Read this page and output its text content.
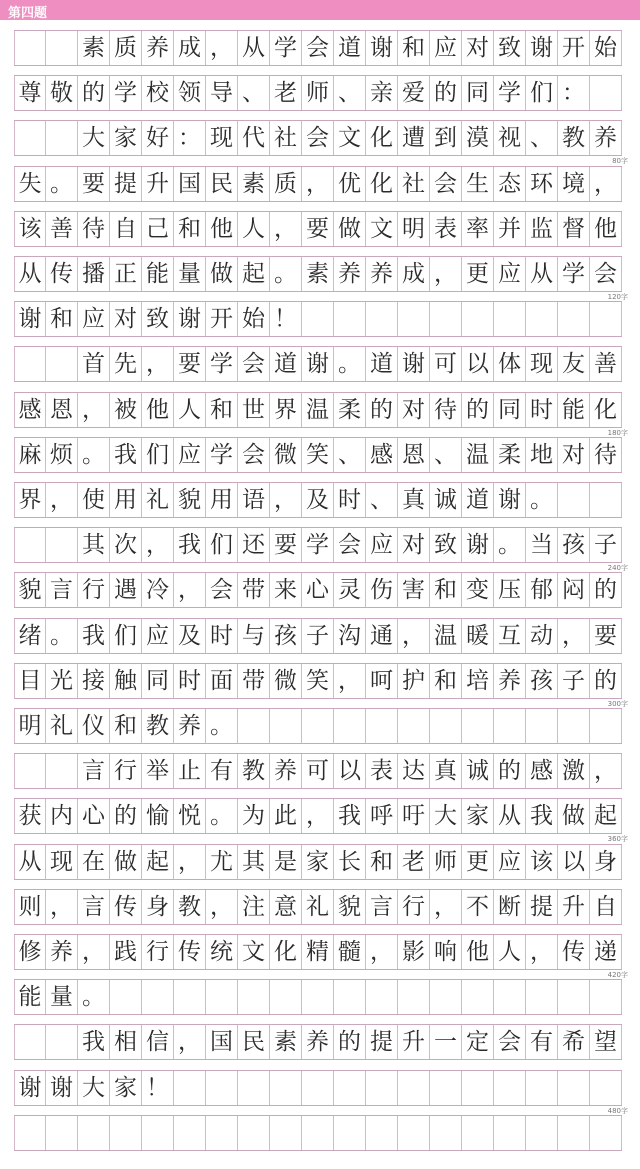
第四题
素 质 养 成 ， 从 学 会 道 谢 和 应 对 致 谢 开 始
尊 敬 的 学 校 领 导 、 老 师 、 亲 爱 的 同 学 们 ：
大 家 好 ： 现 代 社 会 文 化 遭 到 漠 视 、 教 养
80字
失 。 要 提 升 国 民 素 质 ， 优 化 社 会 生 态 环 境 ，
该 善 待 自 己 和 他 人 ， 要 做 文 明 表 率 并 监 督 他
从 传 播 正 能 量 做 起 。 素 养 养 成 ， 更 应 从 学 会
120字
谢 和 应 对 致 谢 开 始 ！
首 先 ， 要 学 会 道 谢 。 道 谢 可 以 体 现 友 善
感 恩 ， 被 他 人 和 世 界 温 柔 的 对 待 的 同 时 能 化
180字
麻 烦 。 我 们 应 学 会 微 笑 、 感 恩 、 温 柔 地 对 待
界 ， 使 用 礼 貌 用 语 ， 及 时 、 真 诚 道 谢 。
其 次 ， 我 们 还 要 学 会 应 对 致 谢 。 当 孩 子
240字
貌 言 行 遇 冷 ， 会 带 来 心 灵 伤 害 和 变 压 郁 闷 的
绪 。 我 们 应 及 时 与 孩 子 沟 通 ， 温 暖 互 动 ， 要
目 光 接 触 同 时 面 带 微 笑 ， 呵 护 和 培 养 孩 子 的
300字
明 礼 仪 和 教 养 。
言 行 举 止 有 教 养 可 以 表 达 真 诚 的 感 激 ，
获 内 心 的 愉 悦 。 为 此 ， 我 呼 吁 大 家 从 我 做 起
360字
从 现 在 做 起 ， 尤 其 是 家 长 和 老 师 更 应 该 以 身
则 ， 言 传 身 教 ， 注 意 礼 貌 言 行 ， 不 断 提 升 自
修 养 ， 践 行 传 统 文 化 精 髓 ， 影 响 他 人 ， 传 递
420字
能 量 。
我 相 信 ， 国 民 素 养 的 提 升 一 定 会 有 希 望
谢 谢 大 家 ！
480字
